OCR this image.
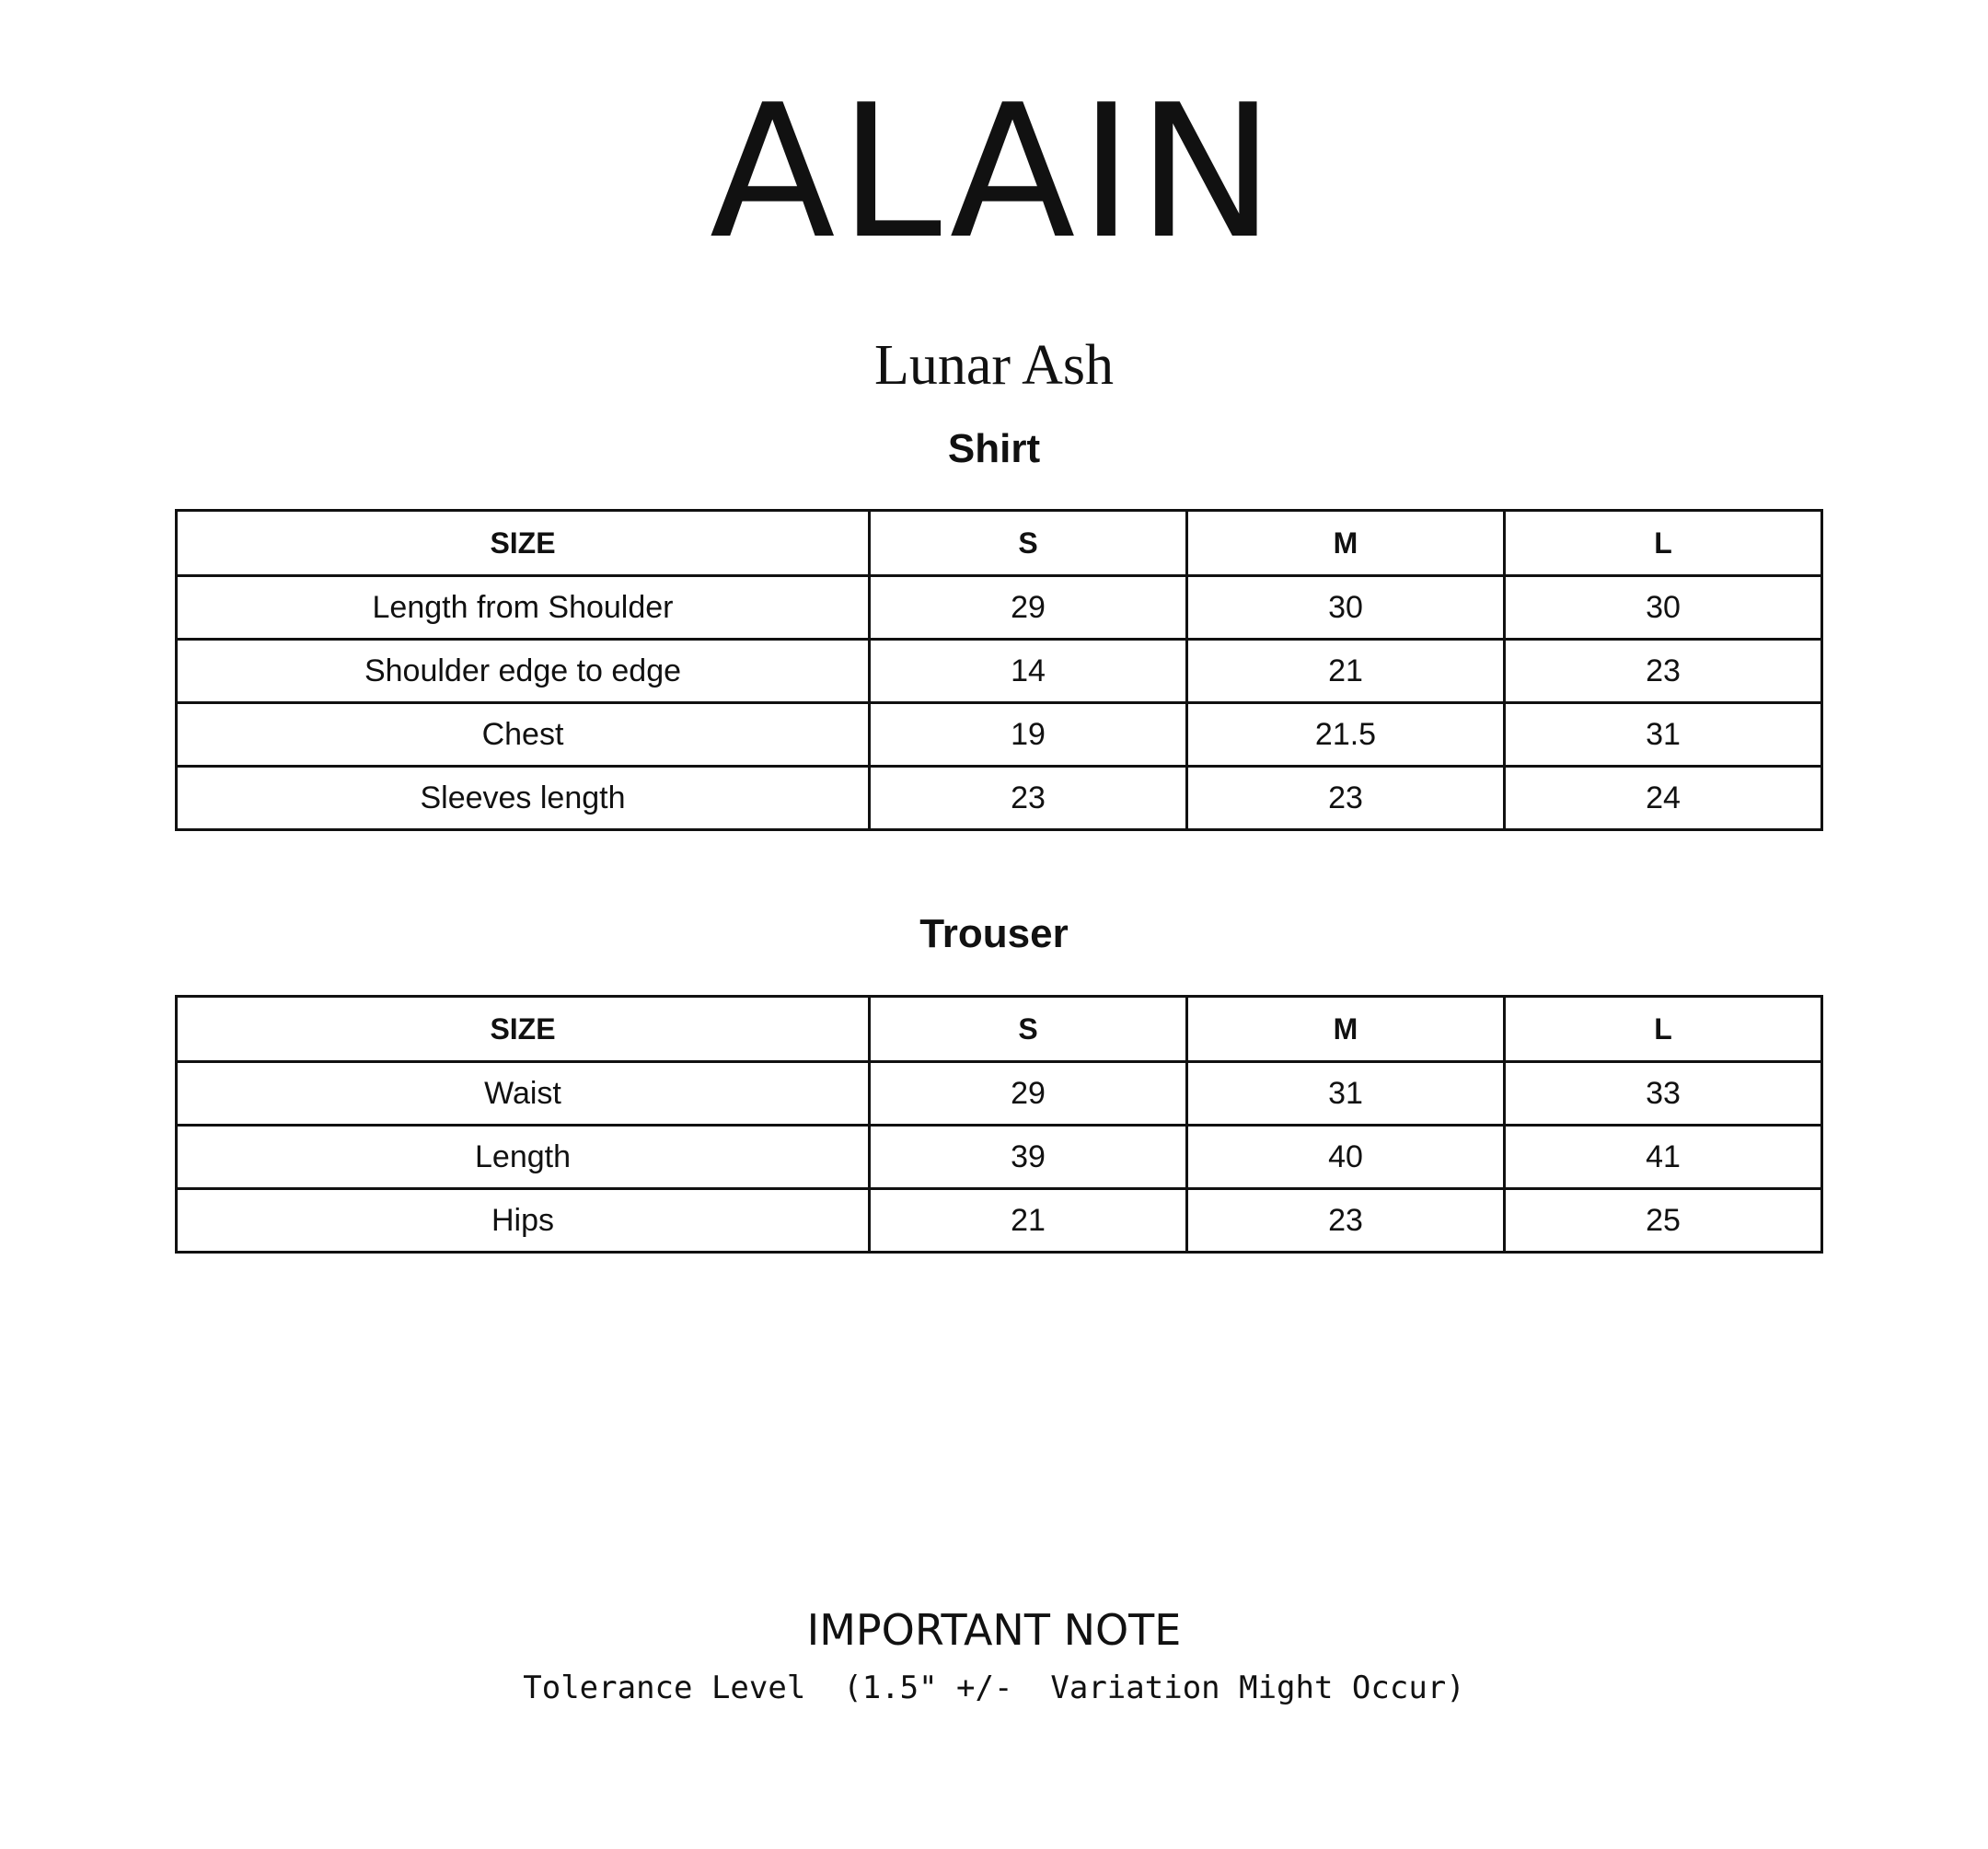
ALAIN
Lunar Ash
Shirt
SIZE	S	M	L
Length from Shoulder	29	30	30
Shoulder edge to edge	14	21	23
Chest	19	21.5	31
Sleeves length	23	23	24
Trouser
SIZE	S	M	L
Waist	29	31	33
Length	39	40	41
Hips	21	23	25
IMPORTANT NOTE
Tolerance Level  (1.5" +/-  Variation Might Occur)
